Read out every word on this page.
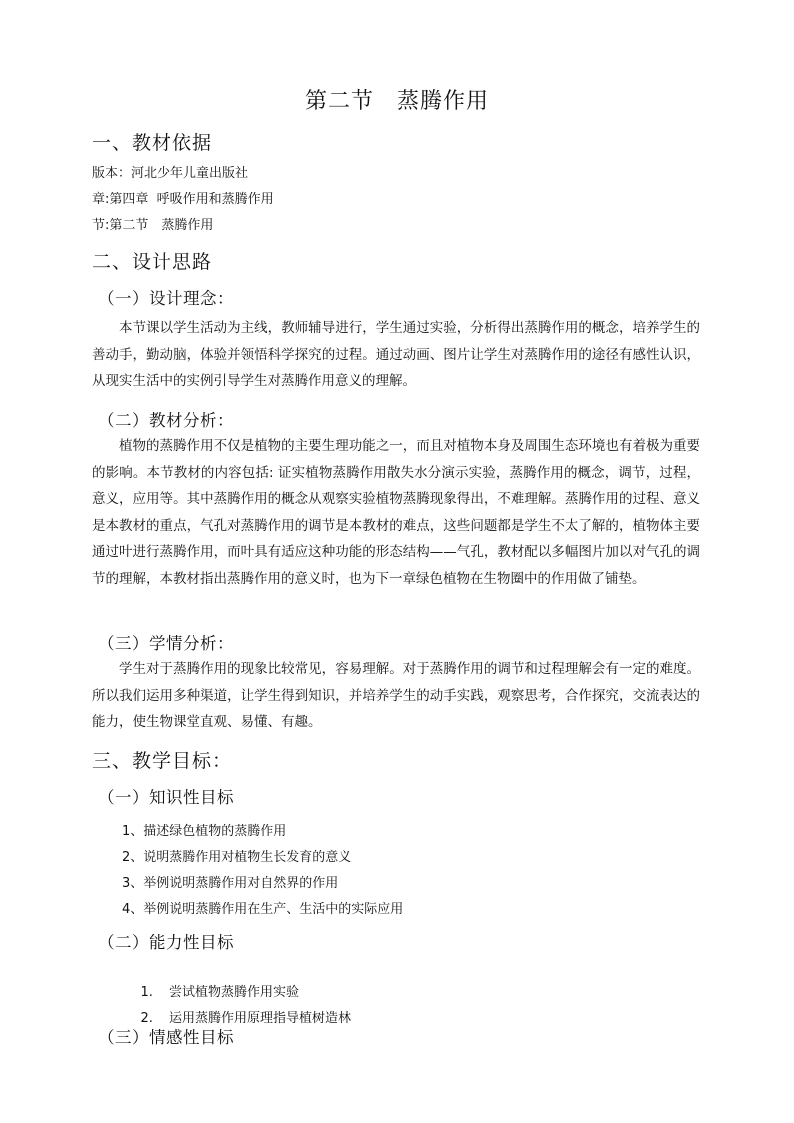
第二节　蒸腾作用
一、教材依据
版本：河北少年儿童出版社
章:第四章  呼吸作用和蒸腾作用
节:第二节　蒸腾作用
二、设计思路
（一）设计理念：
本节课以学生活动为主线，教师辅导进行，学生通过实验，分析得出蒸腾作用的概念，培养学生的善动手，勤动脑，体验并领悟科学探究的过程。通过动画、图片让学生对蒸腾作用的途径有感性认识，从现实生活中的实例引导学生对蒸腾作用意义的理解。
（二）教材分析：
植物的蒸腾作用不仅是植物的主要生理功能之一，而且对植物本身及周围生态环境也有着极为重要的影响。本节教材的内容包括: 证实植物蒸腾作用散失水分演示实验，蒸腾作用的概念，调节，过程，意义，应用等。其中蒸腾作用的概念从观察实验植物蒸腾现象得出，不难理解。蒸腾作用的过程、意义是本教材的重点，气孔对蒸腾作用的调节是本教材的难点，这些问题都是学生不太了解的，植物体主要通过叶进行蒸腾作用，而叶具有适应这种功能的形态结构——气孔，教材配以多幅图片加以对气孔的调节的理解，本教材指出蒸腾作用的意义时，也为下一章绿色植物在生物圈中的作用做了铺垫。
（三）学情分析：
学生对于蒸腾作用的现象比较常见，容易理解。对于蒸腾作用的调节和过程理解会有一定的难度。所以我们运用多种渠道，让学生得到知识，并培养学生的动手实践，观察思考，合作探究，交流表达的能力，使生物课堂直观、易懂、有趣。
三、教学目标：
（一）知识性目标
1、描述绿色植物的蒸腾作用
2、说明蒸腾作用对植物生长发育的意义
3、举例说明蒸腾作用对自然界的作用
4、举例说明蒸腾作用在生产、生活中的实际应用
（二）能力性目标

1. 尝试植物蒸腾作用实验

2. 运用蒸腾作用原理指导植树造林

（三）情感性目标
